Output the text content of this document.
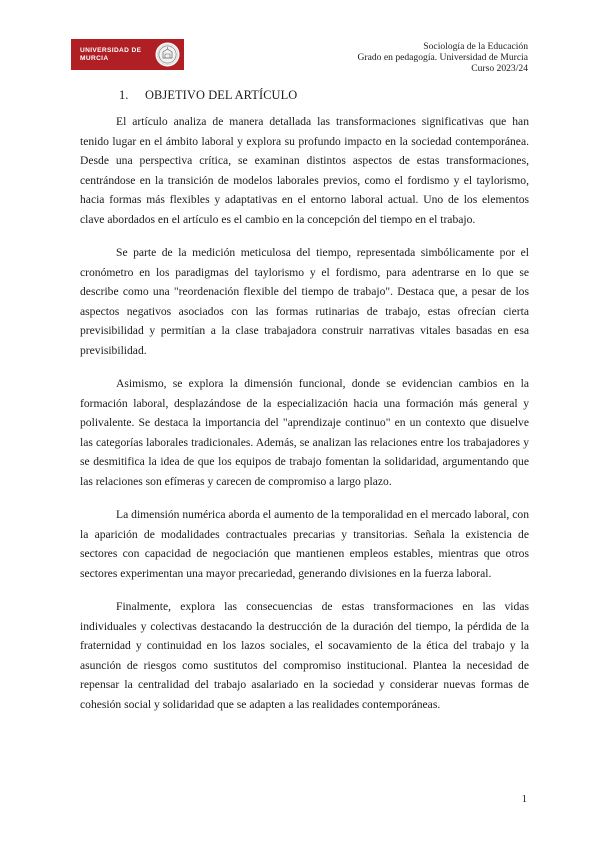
UNIVERSIDAD DE
MURCIA
Sociología de la Educación
Grado en pedagogía. Universidad de Murcia
Curso 2023/24
1. OBJETIVO DEL ARTÍCULO

El artículo analiza de manera detallada las transformaciones significativas que han tenido lugar en el ámbito laboral y explora su profundo impacto en la sociedad contemporánea. Desde una perspectiva crítica, se examinan distintos aspectos de estas transformaciones, centrándose en la transición de modelos laborales previos, como el fordismo y el taylorismo, hacia formas más flexibles y adaptativas en el entorno laboral actual. Uno de los elementos clave abordados en el artículo es el cambio en la concepción del tiempo en el trabajo.

Se parte de la medición meticulosa del tiempo, representada simbólicamente por el cronómetro en los paradigmas del taylorismo y el fordismo, para adentrarse en lo que se describe como una "reordenación flexible del tiempo de trabajo". Destaca que, a pesar de los aspectos negativos asociados con las formas rutinarias de trabajo, estas ofrecían cierta previsibilidad y permitían a la clase trabajadora construir narrativas vitales basadas en esa previsibilidad.

Asimismo, se explora la dimensión funcional, donde se evidencian cambios en la formación laboral, desplazándose de la especialización hacia una formación más general y polivalente. Se destaca la importancia del "aprendizaje continuo" en un contexto que disuelve las categorías laborales tradicionales. Además, se analizan las relaciones entre los trabajadores y se desmitifica la idea de que los equipos de trabajo fomentan la solidaridad, argumentando que las relaciones son efímeras y carecen de compromiso a largo plazo.

La dimensión numérica aborda el aumento de la temporalidad en el mercado laboral, con la aparición de modalidades contractuales precarias y transitorias. Señala la existencia de sectores con capacidad de negociación que mantienen empleos estables, mientras que otros sectores experimentan una mayor precariedad, generando divisiones en la fuerza laboral.

Finalmente, explora las consecuencias de estas transformaciones en las vidas individuales y colectivas destacando la destrucción de la duración del tiempo, la pérdida de la fraternidad y continuidad en los lazos sociales, el socavamiento de la ética del trabajo y la asunción de riesgos como sustitutos del compromiso institucional. Plantea la necesidad de repensar la centralidad del trabajo asalariado en la sociedad y considerar nuevas formas de cohesión social y solidaridad que se adapten a las realidades contemporáneas.

1
